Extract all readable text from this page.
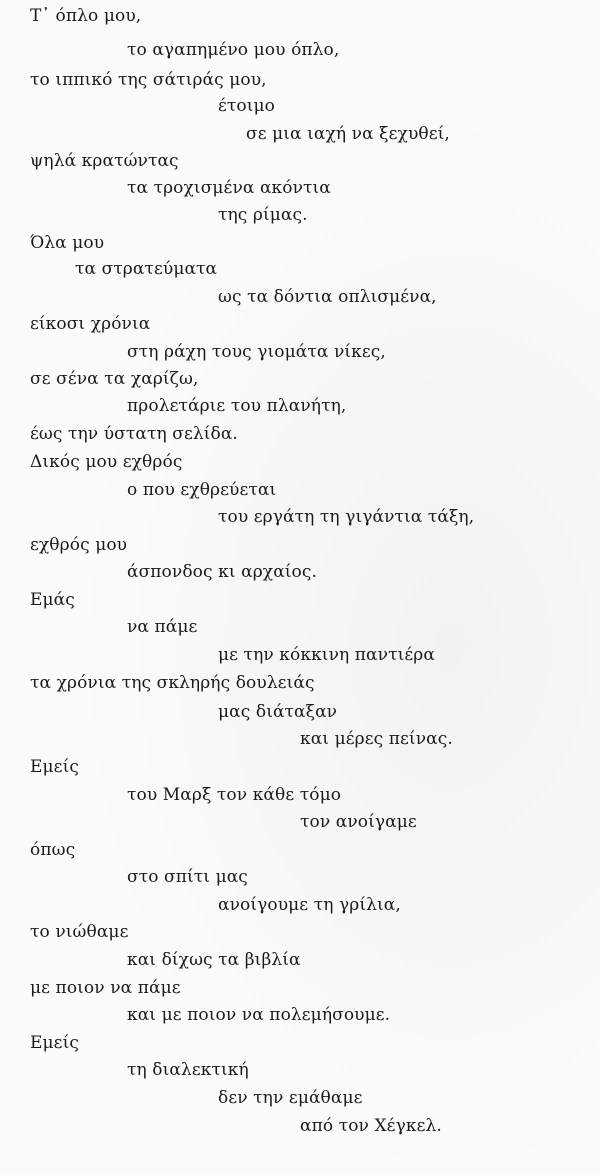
Τ᾽ όπλο μου,
το αγαπημένο μου όπλο,
το ιππικό της σάτιράς μου,
έτοιμο
σε μια ιαχή να ξεχυθεί,
ψηλά κρατώντας
τα τροχισμένα ακόντια
της ρίμας.
Όλα μου
τα στρατεύματα
ως τα δόντια οπλισμένα,
είκοσι χρόνια
στη ράχη τους γιομάτα νίκες,
σε σένα τα χαρίζω,
προλετάριε του πλανήτη,
έως την ύστατη σελίδα.
Δικός μου εχθρός
ο που εχθρεύεται
του εργάτη τη γιγάντια τάξη,
εχθρός μου
άσπονδος κι αρχαίος.
Εμάς
να πάμε
με την κόκκινη παντιέρα
τα χρόνια της σκληρής δουλειάς
μας διάταξαν
και μέρες πείνας.
Εμείς
του Μαρξ τον κάθε τόμο
τον ανοίγαμε
όπως
στο σπίτι μας
ανοίγουμε τη γρίλια,
το νιώθαμε
και δίχως τα βιβλία
με ποιον να πάμε
και με ποιον να πολεμήσουμε.
Εμείς
τη διαλεκτική
δεν την εμάθαμε
από τον Χέγκελ.
